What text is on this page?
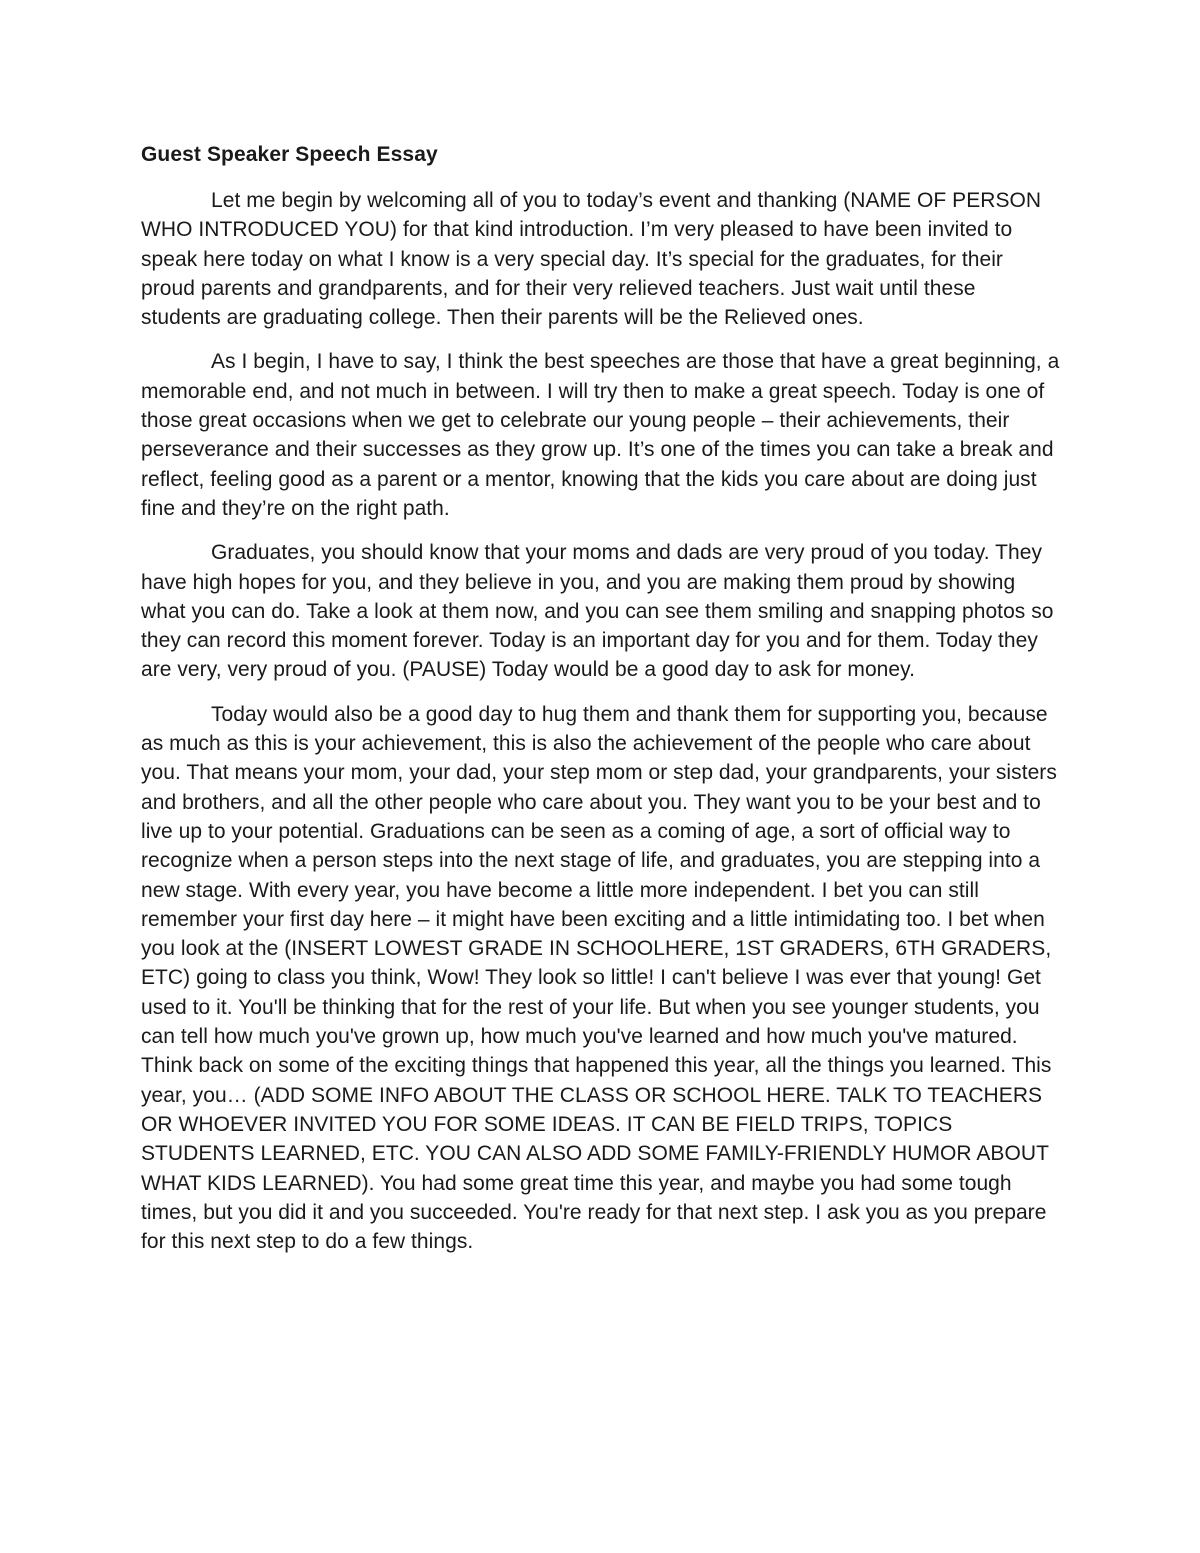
Guest Speaker Speech Essay

Let me begin by welcoming all of you to today’s event and thanking (NAME OF PERSON WHO INTRODUCED YOU) for that kind introduction. I’m very pleased to have been invited to speak here today on what I know is a very special day. It’s special for the graduates, for their proud parents and grandparents, and for their very relieved teachers. Just wait until these students are graduating college. Then their parents will be the Relieved ones.

As I begin, I have to say, I think the best speeches are those that have a great beginning, a memorable end, and not much in between. I will try then to make a great speech. Today is one of those great occasions when we get to celebrate our young people – their achievements, their perseverance and their successes as they grow up. It’s one of the times you can take a break and reflect, feeling good as a parent or a mentor, knowing that the kids you care about are doing just fine and they’re on the right path.

Graduates, you should know that your moms and dads are very proud of you today. They have high hopes for you, and they believe in you, and you are making them proud by showing what you can do. Take a look at them now, and you can see them smiling and snapping photos so they can record this moment forever. Today is an important day for you and for them. Today they are very, very proud of you. (PAUSE) Today would be a good day to ask for money.

Today would also be a good day to hug them and thank them for supporting you, because as much as this is your achievement, this is also the achievement of the people who care about you. That means your mom, your dad, your step mom or step dad, your grandparents, your sisters and brothers, and all the other people who care about you. They want you to be your best and to live up to your potential. Graduations can be seen as a coming of age, a sort of official way to recognize when a person steps into the next stage of life, and graduates, you are stepping into a new stage. With every year, you have become a little more independent. I bet you can still remember your first day here – it might have been exciting and a little intimidating too. I bet when you look at the (INSERT LOWEST GRADE IN SCHOOLHERE, 1ST GRADERS, 6TH GRADERS, ETC) going to class you think, Wow! They look so little! I can't believe I was ever that young! Get used to it. You'll be thinking that for the rest of your life. But when you see younger students, you can tell how much you've grown up, how much you've learned and how much you've matured. Think back on some of the exciting things that happened this year, all the things you learned. This year, you… (ADD SOME INFO ABOUT THE CLASS OR SCHOOL HERE. TALK TO TEACHERS OR WHOEVER INVITED YOU FOR SOME IDEAS. IT CAN BE FIELD TRIPS, TOPICS STUDENTS LEARNED, ETC. YOU CAN ALSO ADD SOME FAMILY-FRIENDLY HUMOR ABOUT WHAT KIDS LEARNED). You had some great time this year, and maybe you had some tough times, but you did it and you succeeded. You're ready for that next step. I ask you as you prepare for this next step to do a few things.
